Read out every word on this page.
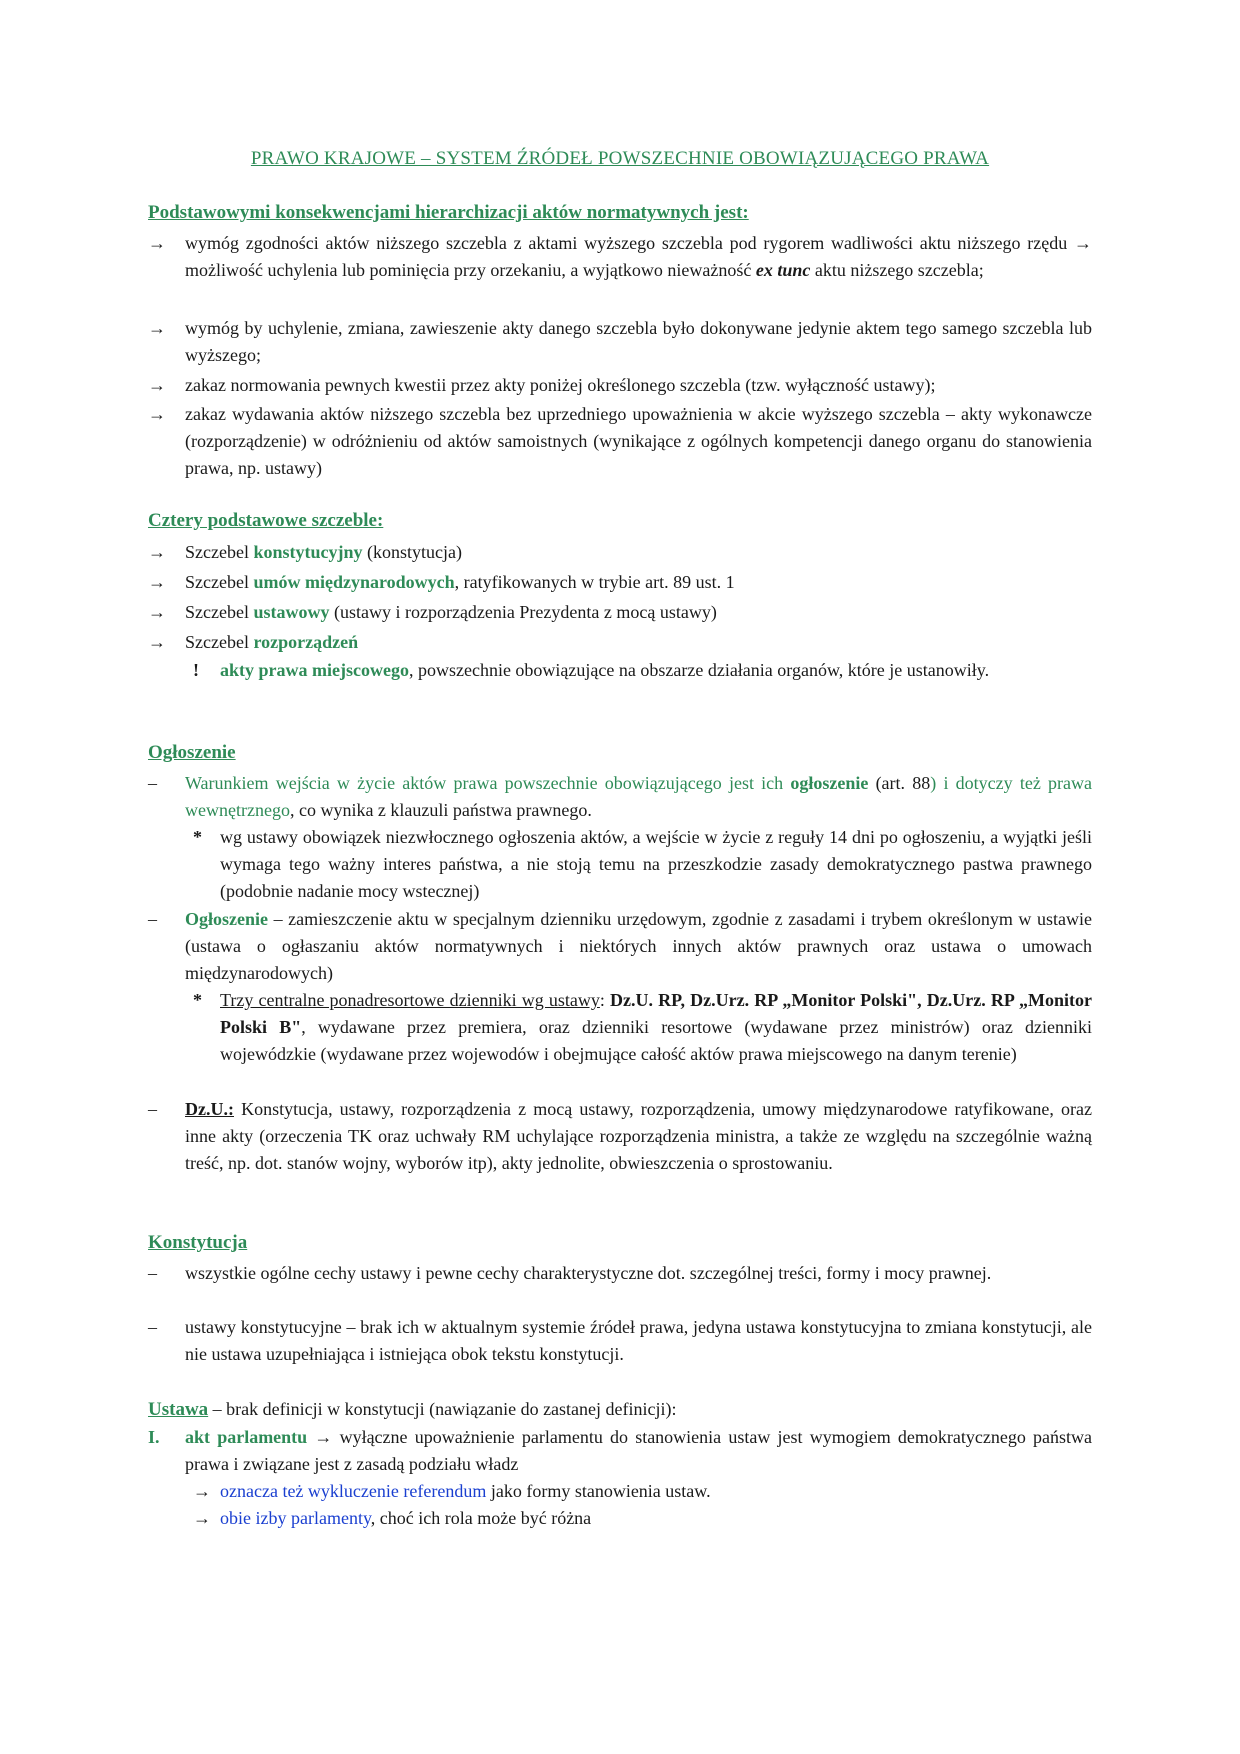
PRAWO KRAJOWE – SYSTEM ŹRÓDEŁ POWSZECHNIE OBOWIĄZUJĄCEGO PRAWA
Podstawowymi konsekwencjami hierarchizacji aktów normatywnych jest:
→	wymóg zgodności aktów niższego szczebla z aktami wyższego szczebla pod rygorem wadliwości aktu niższego rzędu → możliwość uchylenia lub pominięcia przy orzekaniu, a wyjątkowo nieważność ex tunc aktu niższego szczebla;
→	wymóg by uchylenie, zmiana, zawieszenie akty danego szczebla było dokonywane jedynie aktem tego samego szczebla lub wyższego;
→	zakaz normowania pewnych kwestii przez akty poniżej określonego szczebla (tzw. wyłączność ustawy);
→	zakaz wydawania aktów niższego szczebla bez uprzedniego upoważnienia w akcie wyższego szczebla – akty wykonawcze (rozporządzenie) w odróżnieniu od aktów samoistnych (wynikające z ogólnych kompetencji danego organu do stanowienia prawa, np. ustawy)
Cztery podstawowe szczeble:
→	Szczebel konstytucyjny (konstytucja)
→	Szczebel umów międzynarodowych, ratyfikowanych w trybie art. 89 ust. 1
→	Szczebel ustawowy (ustawy i rozporządzenia Prezydenta z mocą ustawy)
→	Szczebel rozporządzeń
!	akty prawa miejscowego, powszechnie obowiązujące na obszarze działania organów, które je ustanowiły.
Ogłoszenie
–	Warunkiem wejścia w życie aktów prawa powszechnie obowiązującego jest ich ogłoszenie (art. 88) i dotyczy też prawa wewnętrznego, co wynika z klauzuli państwa prawnego.
*	wg ustawy obowiązek niezwłocznego ogłoszenia aktów, a wejście w życie z reguły 14 dni po ogłoszeniu, a wyjątki jeśli wymaga tego ważny interes państwa, a nie stoją temu na przeszkodzie zasady demokratycznego pastwa prawnego (podobnie nadanie mocy wstecznej)
–	Ogłoszenie – zamieszczenie aktu w specjalnym dzienniku urzędowym, zgodnie z zasadami i trybem określonym w ustawie (ustawa o ogłaszaniu aktów normatywnych i niektórych innych aktów prawnych oraz ustawa o umowach międzynarodowych)
*	Trzy centralne ponadresortowe dzienniki wg ustawy: Dz.U. RP, Dz.Urz. RP „Monitor Polski", Dz.Urz. RP „Monitor Polski B", wydawane przez premiera, oraz dzienniki resortowe (wydawane przez ministrów) oraz dzienniki wojewódzkie (wydawane przez wojewodów i obejmujące całość aktów prawa miejscowego na danym terenie)
–	Dz.U.: Konstytucja, ustawy, rozporządzenia z mocą ustawy, rozporządzenia, umowy międzynarodowe ratyfikowane, oraz inne akty (orzeczenia TK oraz uchwały RM uchylające rozporządzenia ministra, a także ze względu na szczególnie ważną treść, np. dot. stanów wojny, wyborów itp), akty jednolite, obwieszczenia o sprostowaniu.
Konstytucja
–	wszystkie ogólne cechy ustawy i pewne cechy charakterystyczne dot. szczególnej treści, formy i mocy prawnej.
–	ustawy konstytucyjne – brak ich w aktualnym systemie źródeł prawa, jedyna ustawa konstytucyjna to zmiana konstytucji, ale nie ustawa uzupełniająca i istniejąca obok tekstu konstytucji.
Ustawa – brak definicji w konstytucji (nawiązanie do zastanej definicji):
I.	akt parlamentu → wyłączne upoważnienie parlamentu do stanowienia ustaw jest wymogiem demokratycznego państwa prawa i związane jest z zasadą podziału władz
→ oznacza też wykluczenie referendum jako formy stanowienia ustaw.
→ obie izby parlamenty, choć ich rola może być różna
